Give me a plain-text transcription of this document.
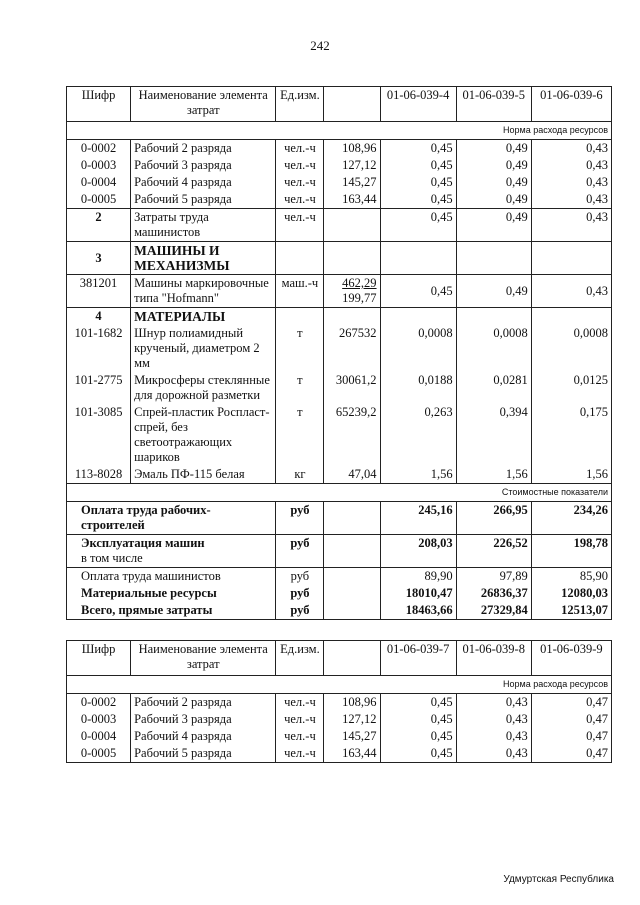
242
Шифр	Наименование элемента затрат	Ед.изм.		01-06-039-4	01-06-039-5	01-06-039-6
Норма расхода ресурсов						
0-0002	Рабочий 2 разряда	чел.-ч	108,96	0,45	0,49	0,43
0-0003	Рабочий 3 разряда	чел.-ч	127,12	0,45	0,49	0,43
0-0004	Рабочий 4 разряда	чел.-ч	145,27	0,45	0,49	0,43
0-0005	Рабочий 5 разряда	чел.-ч	163,44	0,45	0,49	0,43
2	Затраты труда машинистов	чел.-ч		0,45	0,49	0,43
3	МАШИНЫ И МЕХАНИЗМЫ					
381201	Машины маркировочные типа "Hofmann"	маш.-ч	462,29
199,77	0,45	0,49	0,43
4	МАТЕРИАЛЫ					
101-1682	Шнур полиамидный крученый, диаметром 2 мм	т	267532	0,0008	0,0008	0,0008
101-2775	Микросферы стеклянные для дорожной разметки	т	30061,2	0,0188	0,0281	0,0125
101-3085	Спрей-пластик Роспласт-спрей, без светоотражающих шариков	т	65239,2	0,263	0,394	0,175
113-8028	Эмаль ПФ-115 белая	кг	47,04	1,56	1,56	1,56
Стоимостные показатели						
Оплата труда рабочих-строителей		руб		245,16	266,95	234,26

Эксплуатация машин
в том числе		руб		208,03	226,52	198,78
Оплата труда машинистов		руб		89,90	97,89	85,90
Материальные ресурсы		руб		18010,47	26836,37	12080,03
Всего, прямые затраты		руб		18463,66	27329,84	12513,07
Шифр	Наименование элемента затрат	Ед.изм.		01-06-039-7	01-06-039-8	01-06-039-9
Норма расхода ресурсов						
0-0002	Рабочий 2 разряда	чел.-ч	108,96	0,45	0,43	0,47
0-0003	Рабочий 3 разряда	чел.-ч	127,12	0,45	0,43	0,47
0-0004	Рабочий 4 разряда	чел.-ч	145,27	0,45	0,43	0,47
0-0005	Рабочий 5 разряда	чел.-ч	163,44	0,45	0,43	0,47
Удмуртская Республика
